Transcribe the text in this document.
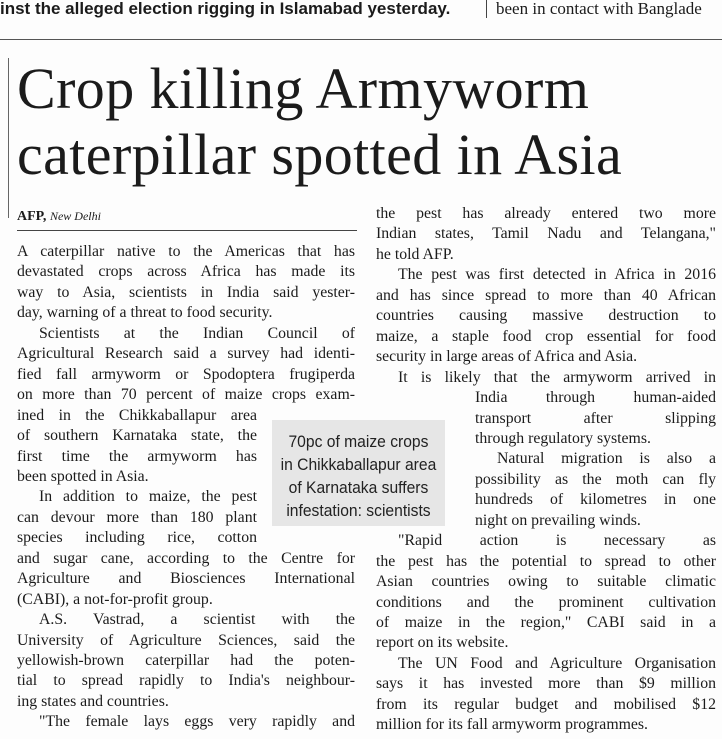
inst the alleged election rigging in Islamabad yesterday.	been in contact with Banglade
Crop killing Armyworm
caterpillar spotted in Asia
AFP, New Delhi
A caterpillar native to the Americas that has
devastated crops across Africa has made its
way to Asia, scientists in India said yester-
day, warning of a threat to food security.
Scientists at the Indian Council of
Agricultural Research said a survey had identi-
fied fall armyworm or Spodoptera frugiperda
on more than 70 percent of maize crops exam-
ined in the Chikkaballapur area
of southern Karnataka state, the
first time the armyworm has
been spotted in Asia.
In addition to maize, the pest
can devour more than 180 plant
species including rice, cotton
and sugar cane, according to the Centre for
Agriculture and Biosciences International
(CABI), a not-for-profit group.
A.S. Vastrad, a scientist with the
University of Agriculture Sciences, said the
yellowish-brown caterpillar had the poten-
tial to spread rapidly to India's neighbour-
ing states and countries.
"The female lays eggs very rapidly and
the pest has already entered two more
Indian states, Tamil Nadu and Telangana,"
he told AFP.
The pest was first detected in Africa in 2016
and has since spread to more than 40 African
countries causing massive destruction to
maize, a staple food crop essential for food
security in large areas of Africa and Asia.
It is likely that the armyworm arrived in
India through human-aided
transport after slipping
through regulatory systems.
Natural migration is also a
possibility as the moth can fly
hundreds of kilometres in one
night on prevailing winds.
"Rapid action is necessary as
the pest has the potential to spread to other
Asian countries owing to suitable climatic
conditions and the prominent cultivation
of maize in the region," CABI said in a
report on its website.
The UN Food and Agriculture Organisation
says it has invested more than $9 million
from its regular budget and mobilised $12
million for its fall armyworm programmes.
70pc of maize crops
in Chikkaballapur area
of Karnataka suffers
infestation: scientists
